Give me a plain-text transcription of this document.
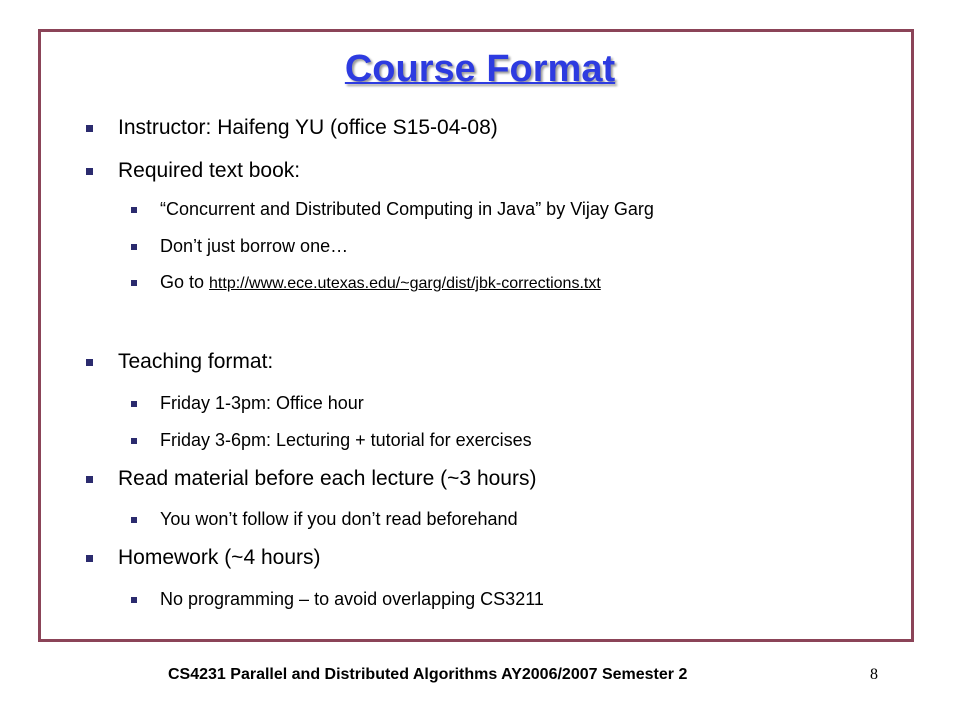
Course Format
Instructor: Haifeng YU (office S15-04-08)
Required text book:
“Concurrent and Distributed Computing in Java” by Vijay Garg
Don’t just borrow one…
Go to http://www.ece.utexas.edu/~garg/dist/jbk-corrections.txt
Teaching format:
Friday 1-3pm: Office hour
Friday 3-6pm: Lecturing + tutorial for exercises
Read material before each lecture (~3 hours)
You won’t follow if you don’t read beforehand
Homework (~4 hours)
No programming – to avoid overlapping CS3211
CS4231 Parallel and Distributed Algorithms AY2006/2007 Semester 2	8
